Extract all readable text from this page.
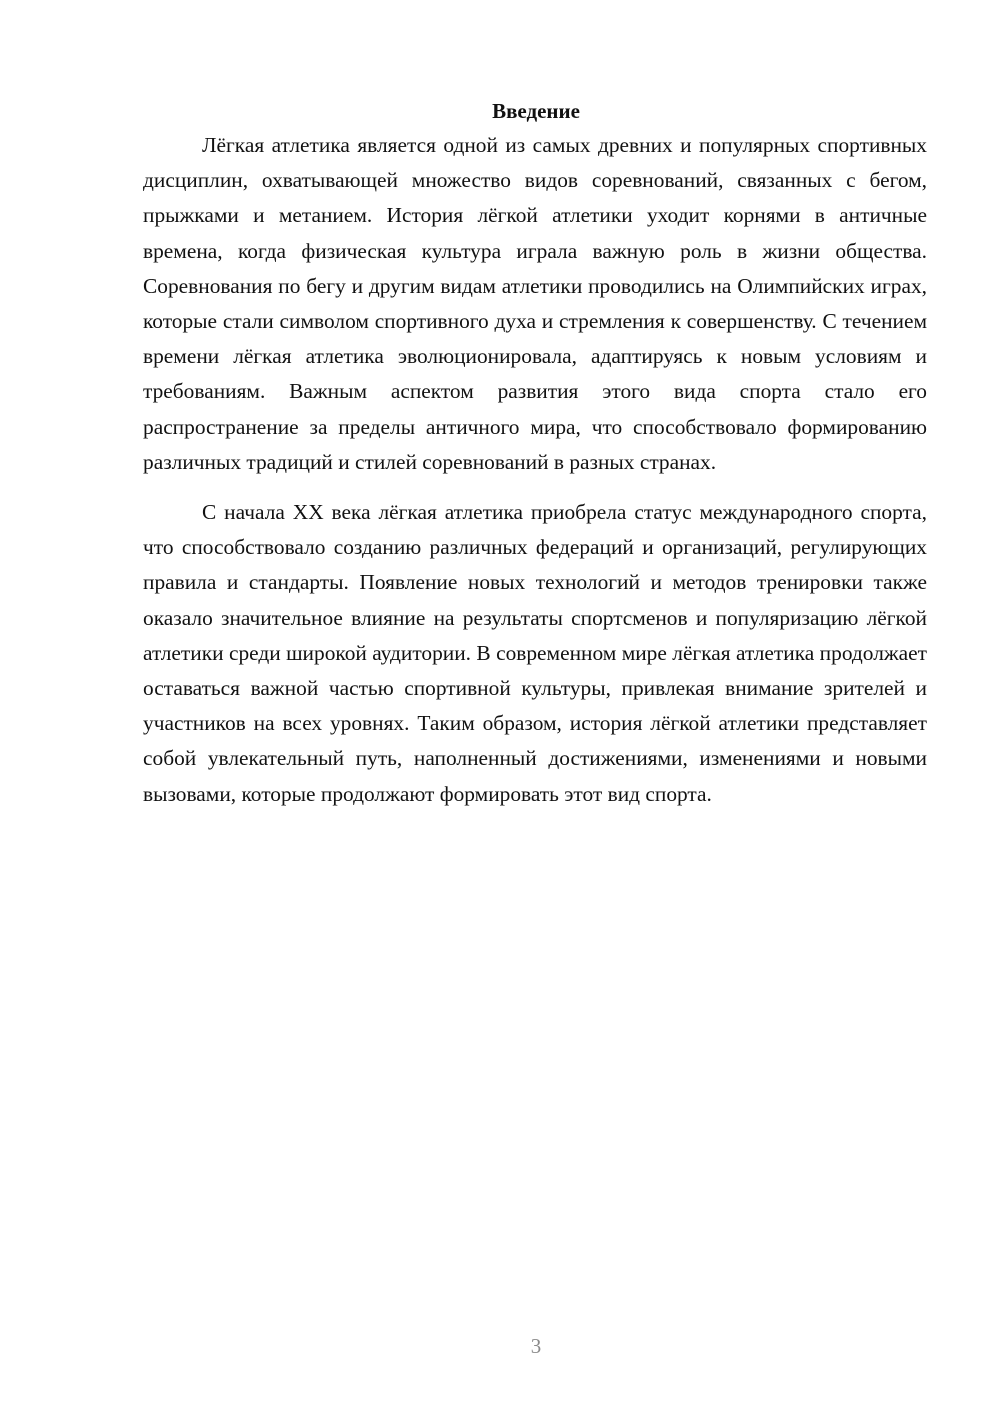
Введение

Лёгкая атлетика является одной из самых древних и популярных спортивных дисциплин, охватывающей множество видов соревнований, связанных с бегом, прыжками и метанием. История лёгкой атлетики уходит корнями в античные времена, когда физическая культура играла важную роль в жизни общества. Соревнования по бегу и другим видам атлетики проводились на Олимпийских играх, которые стали символом спортивного духа и стремления к совершенству. С течением времени лёгкая атлетика эволюционировала, адаптируясь к новым условиям и требованиям. Важным аспектом развития этого вида спорта стало его распространение за пределы античного мира, что способствовало формированию различных традиций и стилей соревнований в разных странах.

С начала XX века лёгкая атлетика приобрела статус международного спорта, что способствовало созданию различных федераций и организаций, регулирующих правила и стандарты. Появление новых технологий и методов тренировки также оказало значительное влияние на результаты спортсменов и популяризацию лёгкой атлетики среди широкой аудитории. В современном мире лёгкая атлетика продолжает оставаться важной частью спортивной культуры, привлекая внимание зрителей и участников на всех уровнях. Таким образом, история лёгкой атлетики представляет собой увлекательный путь, наполненный достижениями, изменениями и новыми вызовами, которые продолжают формировать этот вид спорта.

3
